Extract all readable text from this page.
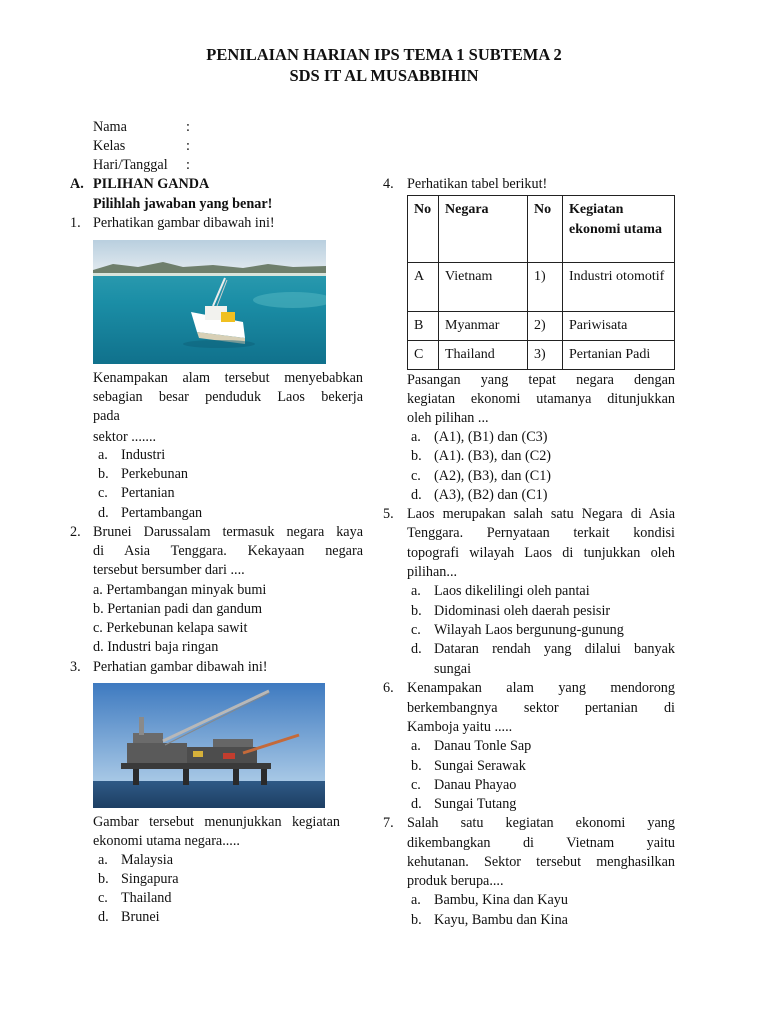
PENILAIAN HARIAN IPS TEMA 1 SUBTEMA 2
SDS IT AL MUSABBIHIN
Nama	:
Kelas	:
Hari/Tanggal :
A. PILIHAN GANDA
Pilihlah jawaban yang benar!
1. Perhatikan gambar dibawah ini!
Kenampakan alam tersebut menyebabkan
sebagian besar penduduk Laos bekerja
pada
sektor .......
a. Industri
b. Perkebunan
c. Pertanian
d. Pertambangan
2. Brunei Darussalam termasuk negara kaya
di Asia Tenggara. Kekayaan negara
tersebut bersumber dari ....
a. Pertambangan minyak bumi
b. Pertanian padi dan gandum
c. Perkebunan kelapa sawit
d. Industri baja ringan
3. Perhatian gambar dibawah ini!
Gambar tersebut menunjukkan kegiatan
ekonomi utama negara.....
a. Malaysia
b. Singapura
c. Thailand
d. Brunei
4. Perhatikan tabel berikut!
No	Negara	No	Kegiatan ekonomi utama
A	Vietnam	1)	Industri otomotif
B	Myanmar	2)	Pariwisata
C	Thailand	3)	Pertanian Padi
Pasangan yang tepat negara dengan
kegiatan ekonomi utamanya ditunjukkan
oleh pilihan ...
a. (A1), (B1) dan (C3)
b. (A1). (B3), dan (C2)
c. (A2), (B3), dan (C1)
d. (A3), (B2) dan (C1)
5. Laos merupakan salah satu Negara di Asia
Tenggara. Pernyataan terkait kondisi
topografi wilayah Laos di tunjukkan oleh
pilihan...
a. Laos dikelilingi oleh pantai
b. Didominasi oleh daerah pesisir
c. Wilayah Laos bergunung-gunung
d. Dataran rendah yang dilalui banyak
sungai
6. Kenampakan alam yang mendorong
berkembangnya sektor pertanian di
Kamboja yaitu .....
a. Danau Tonle Sap
b. Sungai Serawak
c. Danau Phayao
d. Sungai Tutang
7. Salah satu kegiatan ekonomi yang
dikembangkan di Vietnam yaitu
kehutanan. Sektor tersebut menghasilkan
produk berupa....
a. Bambu, Kina dan Kayu
b. Kayu, Bambu dan Kina
